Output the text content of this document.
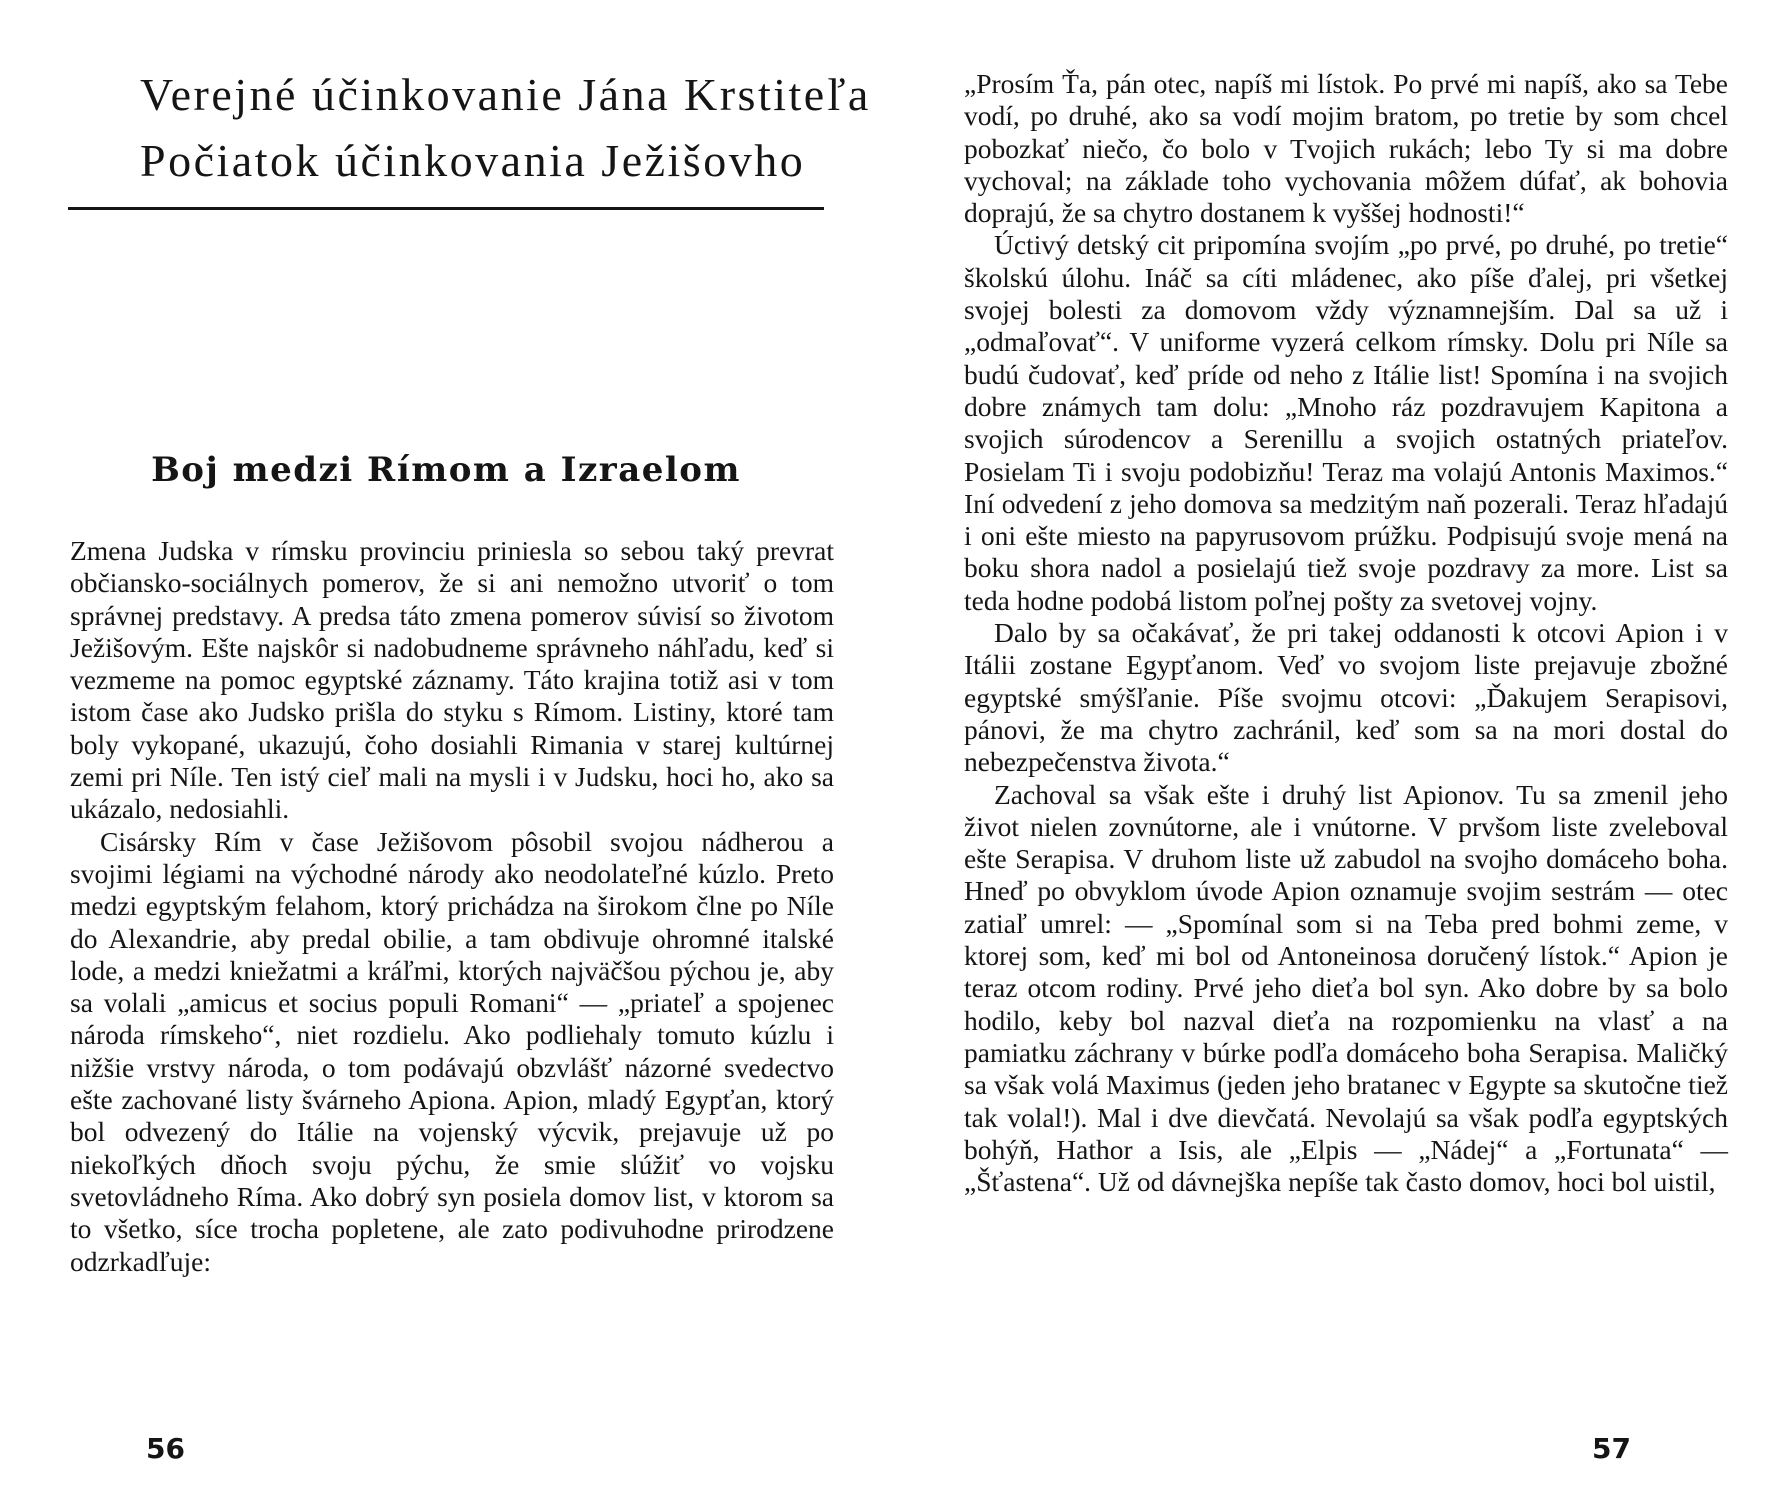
Verejné účinkovanie Jána Krstiteľa
Počiatok účinkovania Ježišovho
Boj medzi Rímom a Izraelom

Zmena Judska v rímsku provinciu priniesla so sebou taký prevrat občiansko-sociálnych pomerov, že si ani nemožno utvoriť o tom správnej predstavy. A predsa táto zmena pomerov súvisí so životom Ježišovým. Ešte najskôr si nadobudneme správneho náhľadu, keď si vezmeme na pomoc egyptské záznamy. Táto krajina totiž asi v tom istom čase ako Judsko prišla do styku s Rímom. Listiny, ktoré tam boly vykopané, ukazujú, čoho dosiahli Rimania v starej kultúrnej zemi pri Níle. Ten istý cieľ mali na mysli i v Judsku, hoci ho, ako sa ukázalo, nedosiahli.

Cisársky Rím v čase Ježišovom pôsobil svojou nádherou a svojimi légiami na východné národy ako neodolateľné kúzlo. Preto medzi egyptským felahom, ktorý prichádza na širokom člne po Níle do Alexandrie, aby predal obilie, a tam obdivuje ohromné italské lode, a medzi kniežatmi a kráľmi, ktorých najväčšou pýchou je, aby sa volali „amicus et socius populi Romani“ — „priateľ a spojenec národa rímskeho“, niet rozdielu. Ako podliehaly tomuto kúzlu i nižšie vrstvy národa, o tom podávajú obzvlášť názorné svedectvo ešte zachované listy švárneho Apiona. Apion, mladý Egypťan, ktorý bol odvezený do Itálie na vojenský výcvik, prejavuje už po niekoľkých dňoch svoju pýchu, že smie slúžiť vo vojsku svetovládneho Ríma. Ako dobrý syn posiela domov list, v ktorom sa to všetko, síce trocha popletene, ale zato podivuhodne prirodzene odzrkadľuje:

56

„Prosím Ťa, pán otec, napíš mi lístok. Po prvé mi napíš, ako sa Tebe vodí, po druhé, ako sa vodí mojim bratom, po tretie by som chcel pobozkať niečo, čo bolo v Tvojich rukách; lebo Ty si ma dobre vychoval; na základe toho vychovania môžem dúfať, ak bohovia doprajú, že sa chytro dostanem k vyššej hodnosti!“

Úctivý detský cit pripomína svojím „po prvé, po druhé, po tretie“ školskú úlohu. Ináč sa cíti mládenec, ako píše ďalej, pri všetkej svojej bolesti za domovom vždy významnejším. Dal sa už i „odmaľovať“. V uniforme vyzerá celkom rímsky. Dolu pri Níle sa budú čudovať, keď príde od neho z Itálie list! Spomína i na svojich dobre známych tam dolu: „Mnoho ráz pozdravujem Kapitona a svojich súrodencov a Serenillu a svojich ostatných priateľov. Posielam Ti i svoju podobizňu! Teraz ma volajú Antonis Maximos.“ Iní odvedení z jeho domova sa medzitým naň pozerali. Teraz hľadajú i oni ešte miesto na papyrusovom prúžku. Podpisujú svoje mená na boku shora nadol a posielajú tiež svoje pozdravy za more. List sa teda hodne podobá listom poľnej pošty za svetovej vojny.

Dalo by sa očakávať, že pri takej oddanosti k otcovi Apion i v Itálii zostane Egypťanom. Veď vo svojom liste prejavuje zbožné egyptské smýšľanie. Píše svojmu otcovi: „Ďakujem Serapisovi, pánovi, že ma chytro zachránil, keď som sa na mori dostal do nebezpečenstva života.“

Zachoval sa však ešte i druhý list Apionov. Tu sa zmenil jeho život nielen zovnútorne, ale i vnútorne. V prvšom liste zveleboval ešte Serapisa. V druhom liste už zabudol na svojho domáceho boha. Hneď po obvyklom úvode Apion oznamuje svojim sestrám — otec zatiaľ umrel: — „Spomínal som si na Teba pred bohmi zeme, v ktorej som, keď mi bol od Antoneinosa doručený lístok.“ Apion je teraz otcom rodiny. Prvé jeho dieťa bol syn. Ako dobre by sa bolo hodilo, keby bol nazval dieťa na rozpomienku na vlasť a na pamiatku záchrany v búrke podľa domáceho boha Serapisa. Maličký sa však volá Maximus (jeden jeho bratanec v Egypte sa skutočne tiež tak volal!). Mal i dve dievčatá. Nevolajú sa však podľa egyptských bohýň, Hathor a Isis, ale „Elpis — „Nádej“ a „Fortunata“ — „Šťastena“. Už od dávnejška nepíše tak často domov, hoci bol uistil,

57
